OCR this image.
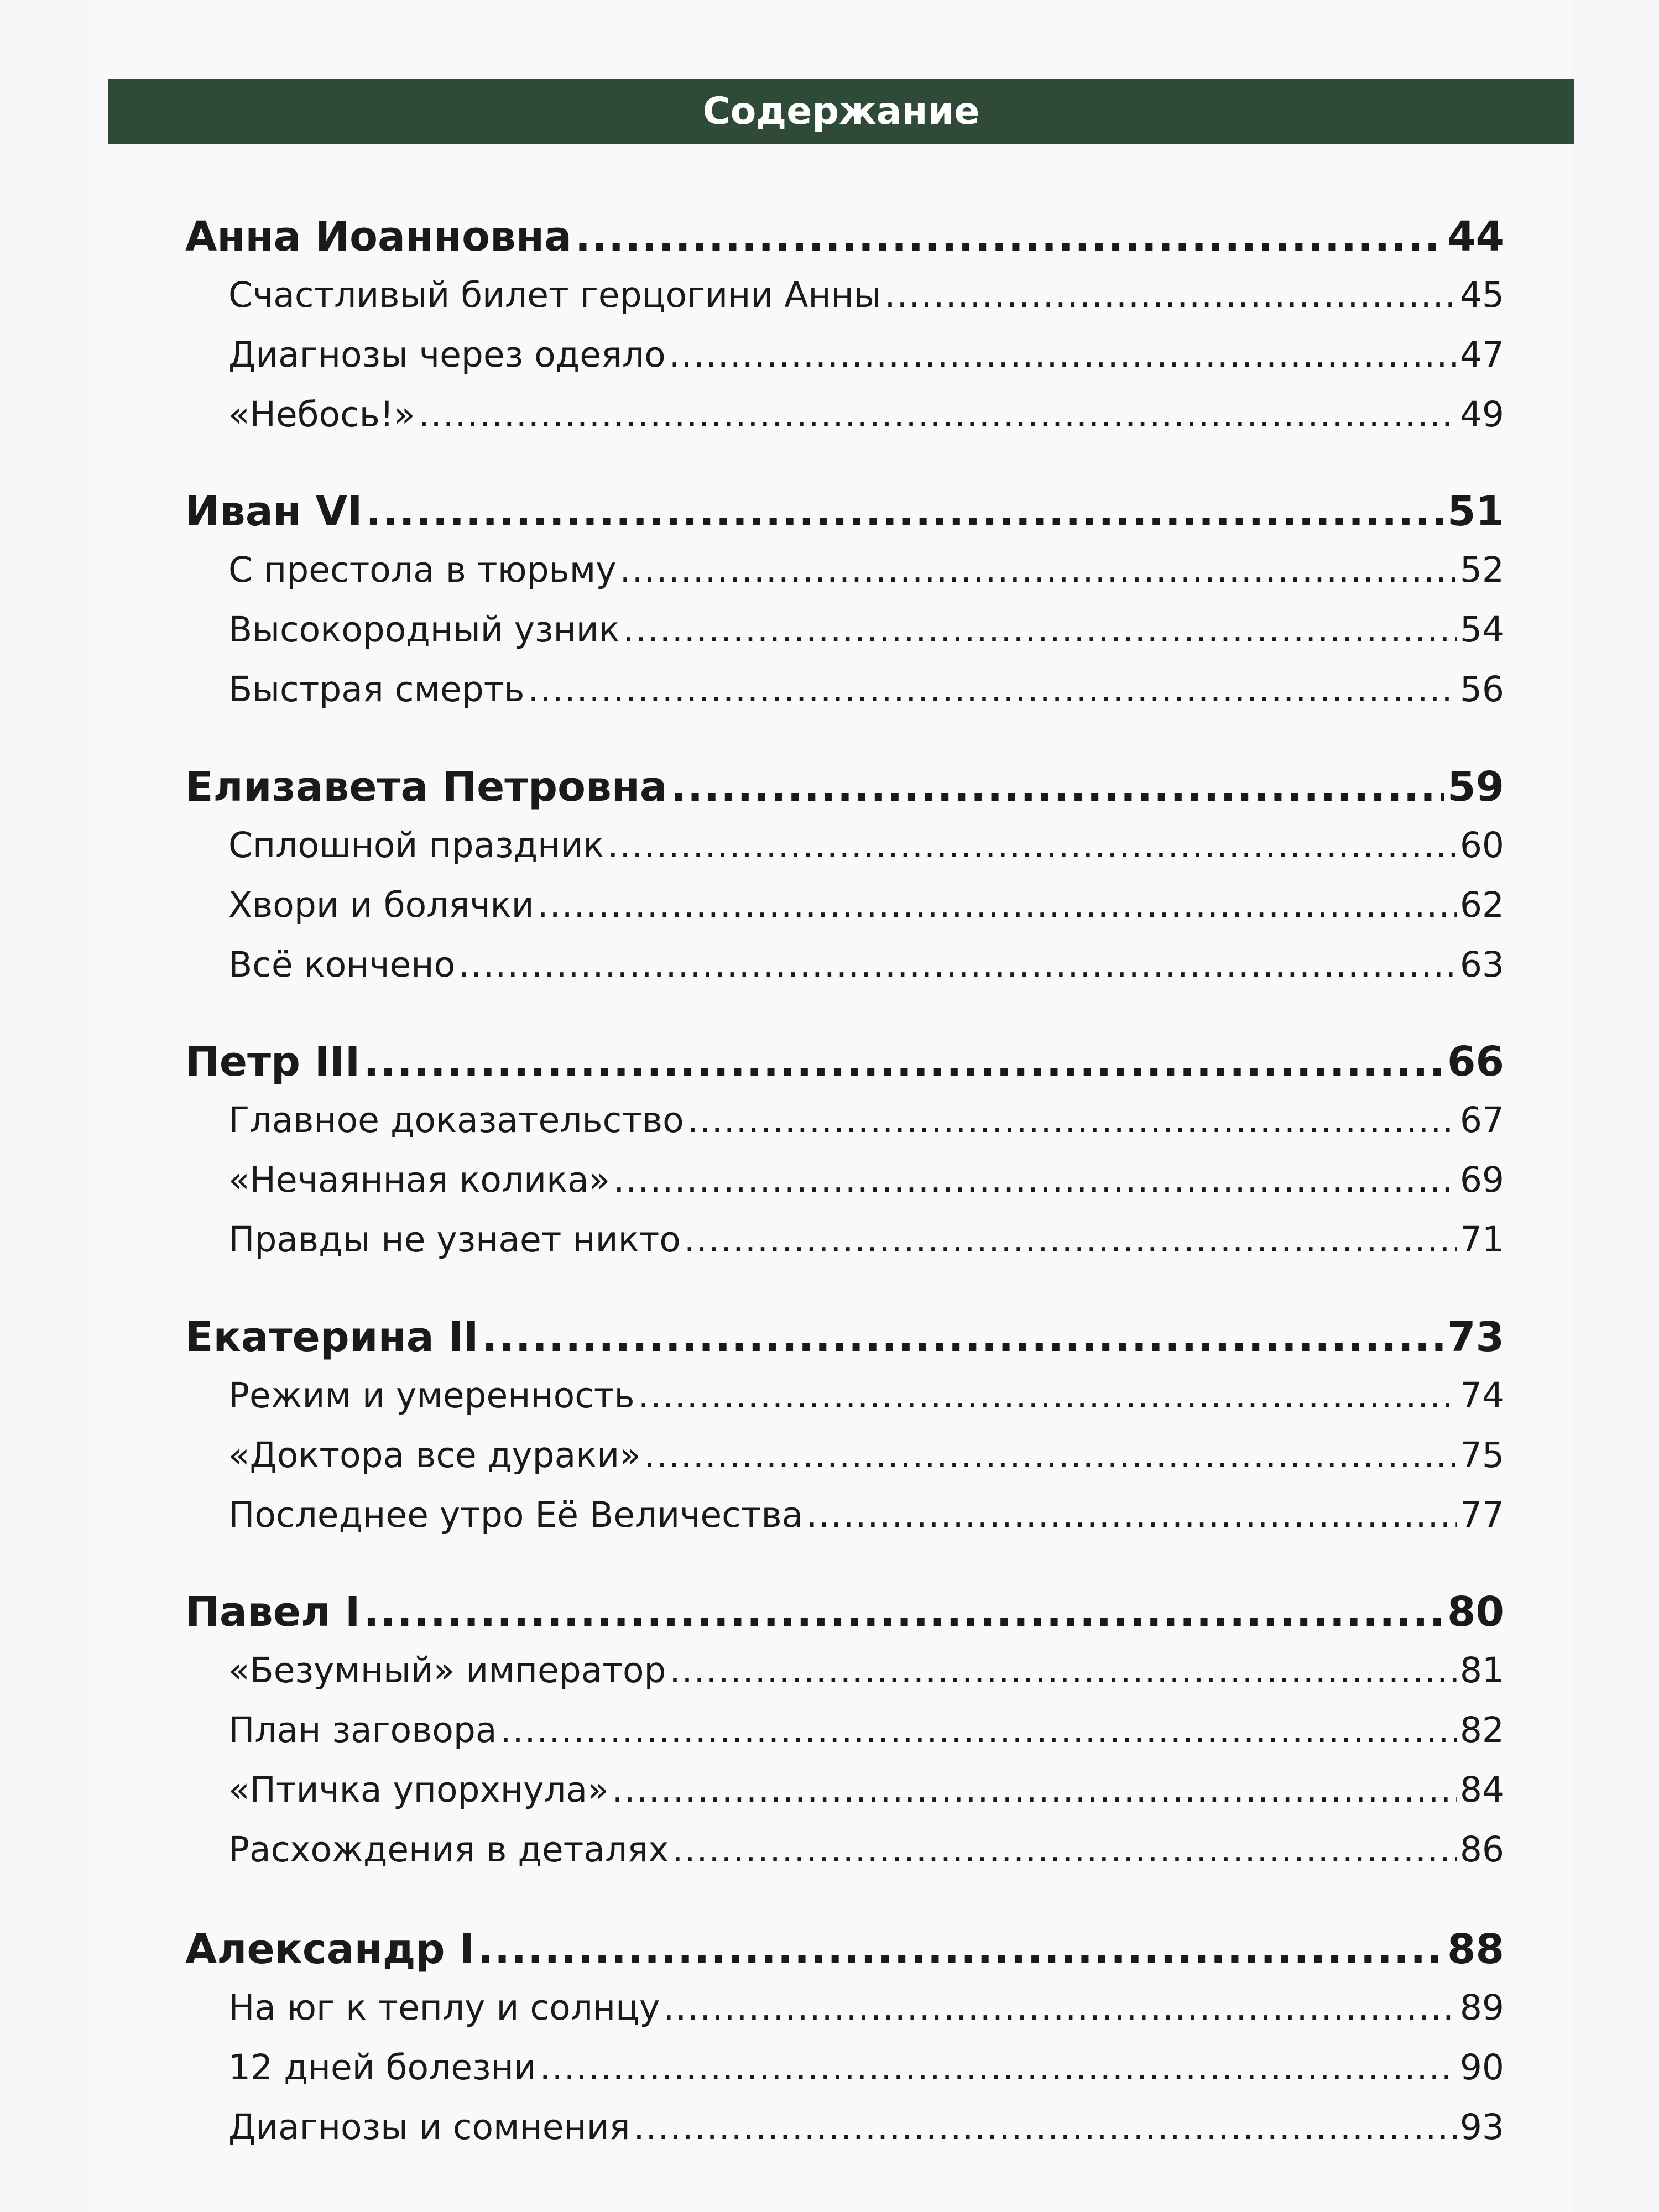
Содержание
Анна Иоанновна .....	44
Счастливый билет герцогини Анны .....	45
Диагнозы через одеяло .....	47
«Небось!» .....	49
Иван VI .....	51
С престола в тюрьму .....	52
Высокородный узник .....	54
Быстрая смерть .....	56
Елизавета Петровна .....	59
Сплошной праздник .....	60
Хвори и болячки .....	62
Всё кончено .....	63
Петр III .....	66
Главное доказательство .....	67
«Нечаянная колика» .....	69
Правды не узнает никто .....	71
Екатерина II .....	73
Режим и умеренность .....	74
«Доктора все дураки» .....	75
Последнее утро Её Величества .....	77
Павел I .....	80
«Безумный» император .....	81
План заговора .....	82
«Птичка упорхнула» .....	84
Расхождения в деталях .....	86
Александр I .....	88
На юг к теплу и солнцу .....	89
12 дней болезни .....	90
Диагнозы и сомнения .....	93
